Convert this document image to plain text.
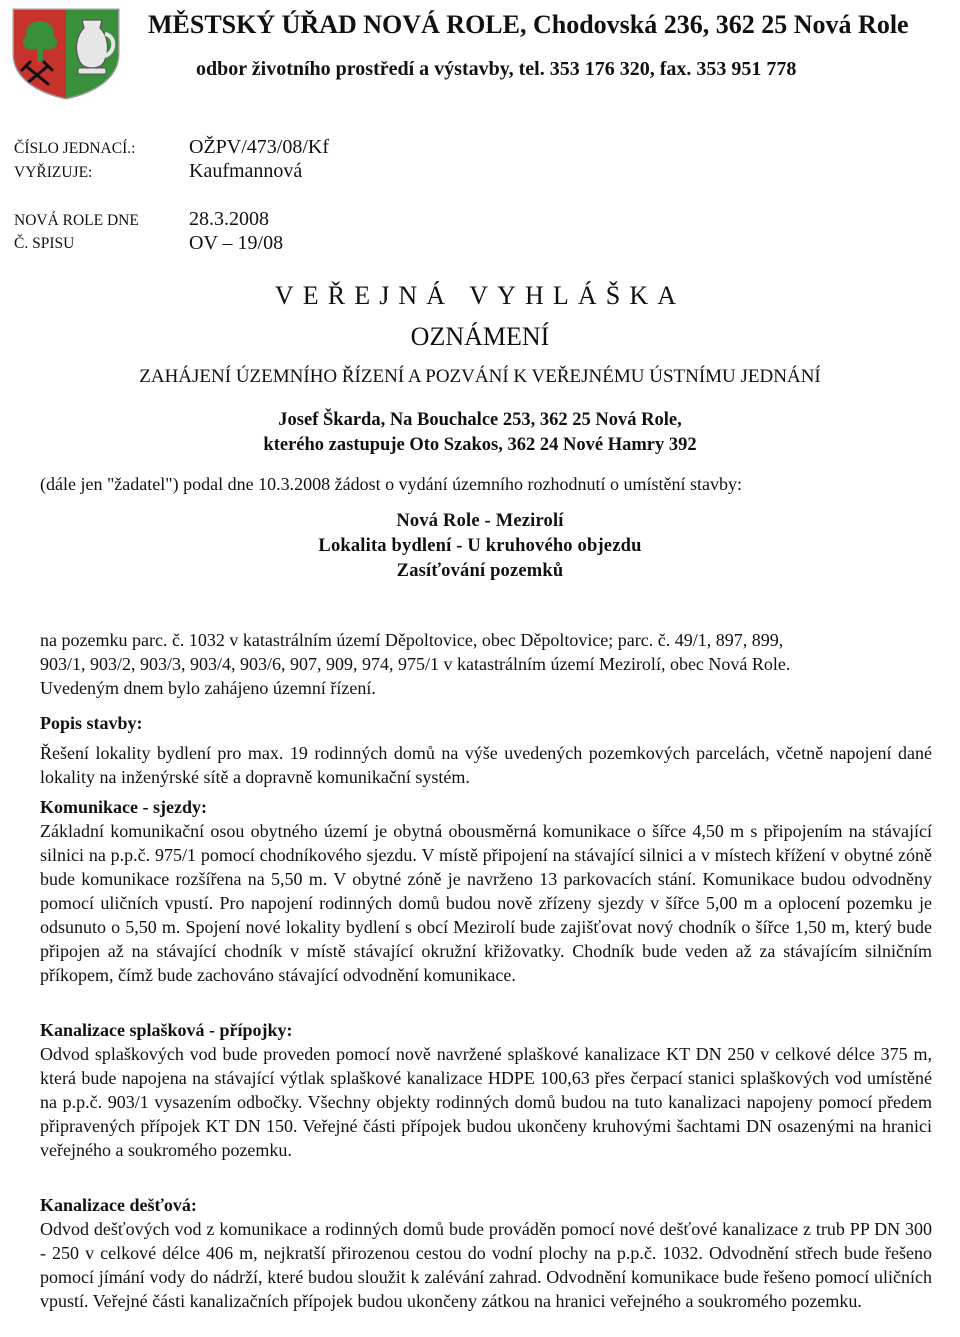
MĚSTSKÝ ÚŘAD NOVÁ ROLE, Chodovská 236, 362 25 Nová Role
odbor životního prostředí a výstavby, tel. 353 176 320, fax. 353 951 778
ČÍSLO JEDNACÍ.:	OŽPV/473/08/Kf
VYŘIZUJE:	Kaufmannová
NOVÁ ROLE DNE	28.3.2008
Č. SPISU	OV – 19/08
VEŘEJNÁ VYHLÁŠKA
OZNÁMENÍ
ZAHÁJENÍ ÚZEMNÍHO ŘÍZENÍ A POZVÁNÍ K VEŘEJNÉMU ÚSTNÍMU JEDNÁNÍ
Josef Škarda, Na Bouchalce 253, 362 25 Nová Role,
kterého zastupuje Oto Szakos, 362 24 Nové Hamry 392
(dále jen "žadatel") podal dne 10.3.2008 žádost o vydání územního rozhodnutí o umístění stavby:
Nová Role - Mezirolí
Lokalita bydlení - U kruhového objezdu
Zasíťování pozemků
na pozemku parc. č. 1032 v katastrálním území Děpoltovice, obec Děpoltovice; parc. č. 49/1, 897, 899,
903/1, 903/2, 903/3, 903/4, 903/6, 907, 909, 974, 975/1 v katastrálním území Mezirolí, obec Nová Role.
Uvedeným dnem bylo zahájeno územní řízení.
Popis stavby:
Řešení lokality bydlení pro max. 19 rodinných domů na výše uvedených pozemkových parcelách, včetně napojení dané lokality na inženýrské sítě a dopravně komunikační systém.
Komunikace - sjezdy:
Základní komunikační osou obytného území je obytná obousměrná komunikace o šířce 4,50 m s připojením na stávající silnici na p.p.č. 975/1 pomocí chodníkového sjezdu. V místě připojení na stávající silnici a v místech křížení v obytné zóně bude komunikace rozšířena na 5,50 m. V obytné zóně je navrženo 13 parkovacích stání. Komunikace budou odvodněny pomocí uličních vpustí. Pro napojení rodinných domů budou nově zřízeny sjezdy v šířce 5,00 m a oplocení pozemku je odsunuto o 5,50 m. Spojení nové lokality bydlení s obcí Mezirolí bude zajišťovat nový chodník o šířce 1,50 m, který bude připojen až na stávající chodník v místě stávající okružní křižovatky. Chodník bude veden až za stávajícím silničním příkopem, čímž bude zachováno stávající odvodnění komunikace.
Kanalizace splašková - přípojky:
Odvod splaškových vod bude proveden pomocí nově navržené splaškové kanalizace KT DN 250 v celkové délce 375 m, která bude napojena na stávající výtlak splaškové kanalizace HDPE 100,63 přes čerpací stanici splaškových vod umístěné na p.p.č. 903/1 vysazením odbočky. Všechny objekty rodinných domů budou na tuto kanalizaci napojeny pomocí předem připravených přípojek KT DN 150. Veřejné části přípojek budou ukončeny kruhovými šachtami DN osazenými na hranici veřejného a soukromého pozemku.
Kanalizace dešťová:
Odvod dešťových vod z komunikace a rodinných domů bude prováděn pomocí nové dešťové kanalizace z trub PP DN 300 - 250 v celkové délce 406 m, nejkratší přirozenou cestou do vodní plochy na p.p.č. 1032. Odvodnění střech bude řešeno pomocí jímání vody do nádrží, které budou sloužit k zalévání zahrad. Odvodnění komunikace bude řešeno pomocí uličních vpustí. Veřejné části kanalizačních přípojek budou ukončeny zátkou na hranici veřejného a soukromého pozemku.
